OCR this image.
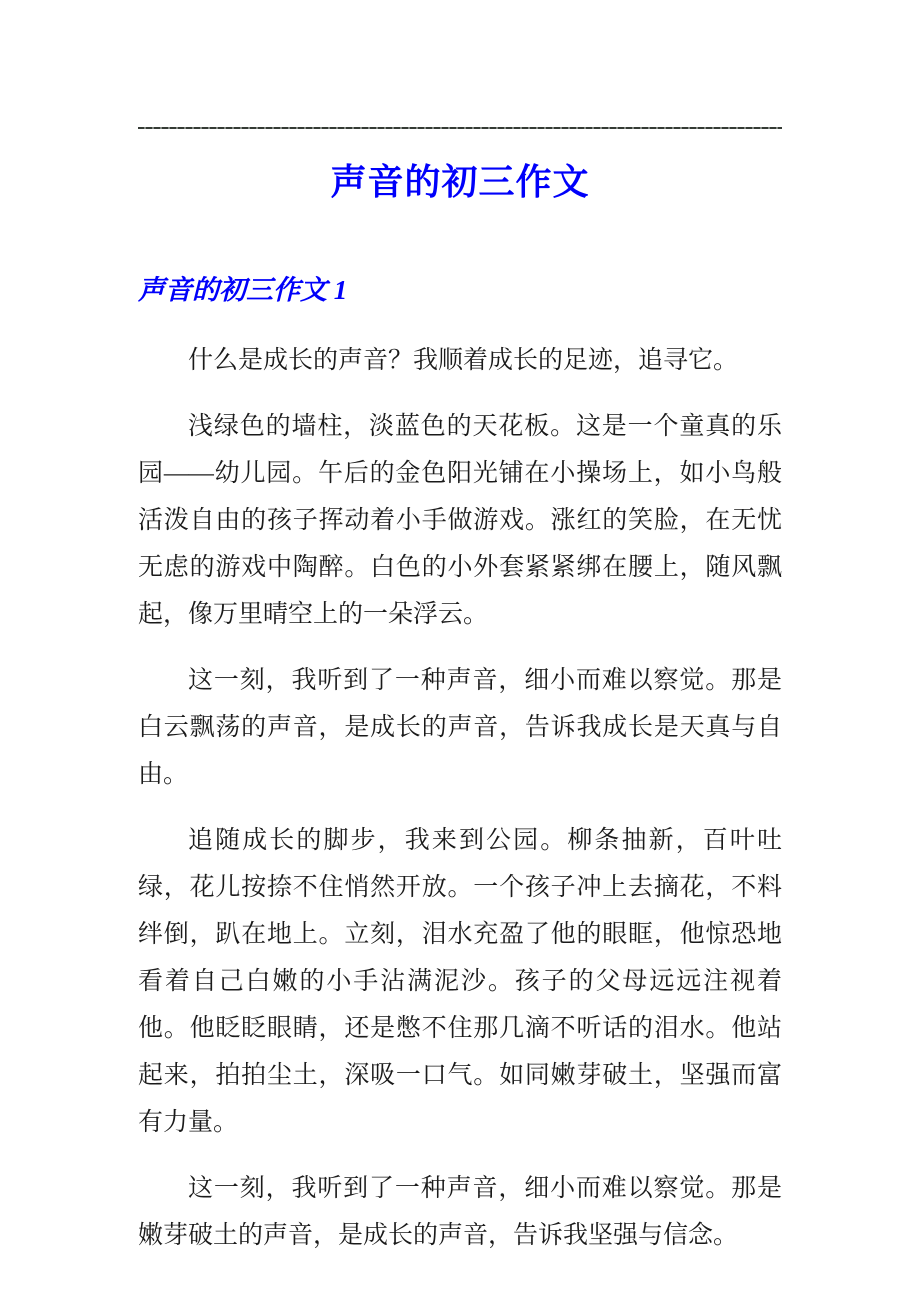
声音的初三作文
声音的初三作文 1

什么是成长的声音？我顺着成长的足迹，追寻它。

浅绿色的墙柱，淡蓝色的天花板。这是一个童真的乐园——幼儿园。午后的金色阳光铺在小操场上，如小鸟般活泼自由的孩子挥动着小手做游戏。涨红的笑脸，在无忧无虑的游戏中陶醉。白色的小外套紧紧绑在腰上，随风飘起，像万里晴空上的一朵浮云。

这一刻，我听到了一种声音，细小而难以察觉。那是白云飘荡的声音，是成长的声音，告诉我成长是天真与自由。

追随成长的脚步，我来到公园。柳条抽新，百叶吐绿，花儿按捺不住悄然开放。一个孩子冲上去摘花，不料绊倒，趴在地上。立刻，泪水充盈了他的眼眶，他惊恐地看着自己白嫩的小手沾满泥沙。孩子的父母远远注视着他。他眨眨眼睛，还是憋不住那几滴不听话的泪水。他站起来，拍拍尘土，深吸一口气。如同嫩芽破土，坚强而富有力量。

这一刻，我听到了一种声音，细小而难以察觉。那是嫩芽破土的声音，是成长的声音，告诉我坚强与信念。
